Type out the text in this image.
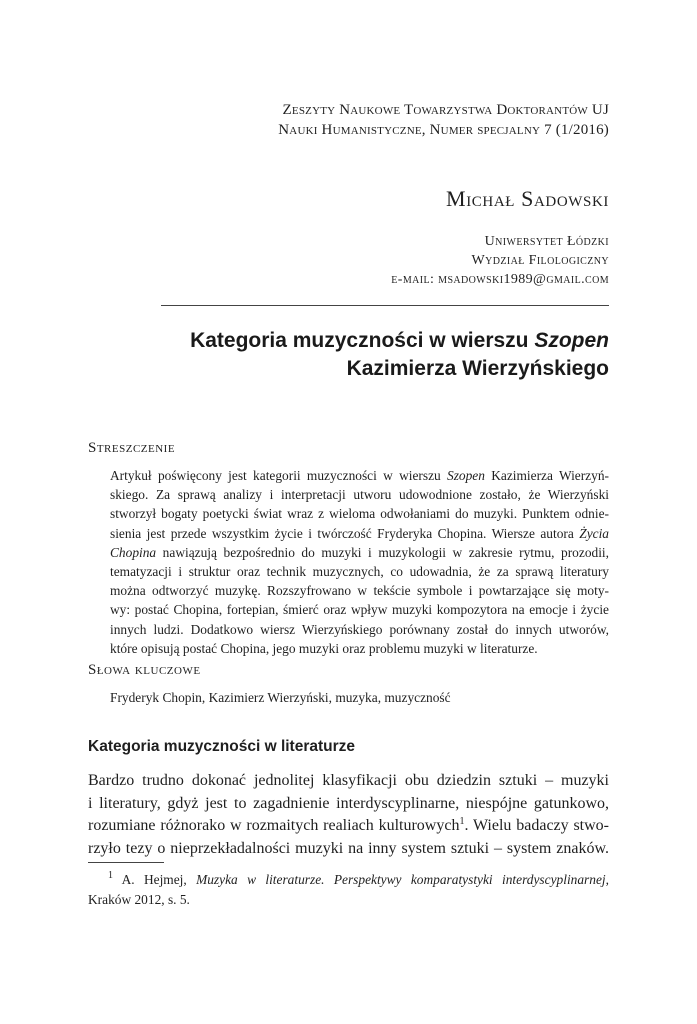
Zeszyty Naukowe Towarzystwa Doktorantów UJ
Nauki Humanistyczne, Numer specjalny 7 (1/2016)
Michał Sadowski
Uniwersytet Łódzki
Wydział Filologiczny
e-mail: msadowski1989@gmail.com
Kategoria muzyczności w wierszu Szopen
Kazimierza Wierzyńskiego
Streszczenie
Artykuł poświęcony jest kategorii muzyczności w wierszu Szopen Kazimierza Wierzyń-
skiego. Za sprawą analizy i interpretacji utworu udowodnione zostało, że Wierzyński
stworzył bogaty poetycki świat wraz z wieloma odwołaniami do muzyki. Punktem odnie-
sienia jest przede wszystkim życie i twórczość Fryderyka Chopina. Wiersze autora Życia
Chopina nawiązują bezpośrednio do muzyki i muzykologii w zakresie rytmu, prozodii,
tematyzacji i struktur oraz technik muzycznych, co udowadnia, że za sprawą literatury
można odtworzyć muzykę. Rozszyfrowano w tekście symbole i powtarzające się moty-
wy: postać Chopina, fortepian, śmierć oraz wpływ muzyki kompozytora na emocje i życie
innych ludzi. Dodatkowo wiersz Wierzyńskiego porównany został do innych utworów,
które opisują postać Chopina, jego muzyki oraz problemu muzyki w literaturze.
Słowa kluczowe
Fryderyk Chopin, Kazimierz Wierzyński, muzyka, muzyczność
Kategoria muzyczności w literaturze
Bardzo trudno dokonać jednolitej klasyfikacji obu dziedzin sztuki – muzyki
i literatury, gdyż jest to zagadnienie interdyscyplinarne, niespójne gatunkowo,
rozumiane różnorako w rozmaitych realiach kulturowych$^1$. Wielu badaczy stwo-
rzyło tezy o nieprzekładalności muzyki na inny system sztuki – system znaków.
$^1$ A. Hejmej, Muzyka w literaturze. Perspektywy komparatystyki interdyscyplinarnej,
Kraków 2012, s. 5.
